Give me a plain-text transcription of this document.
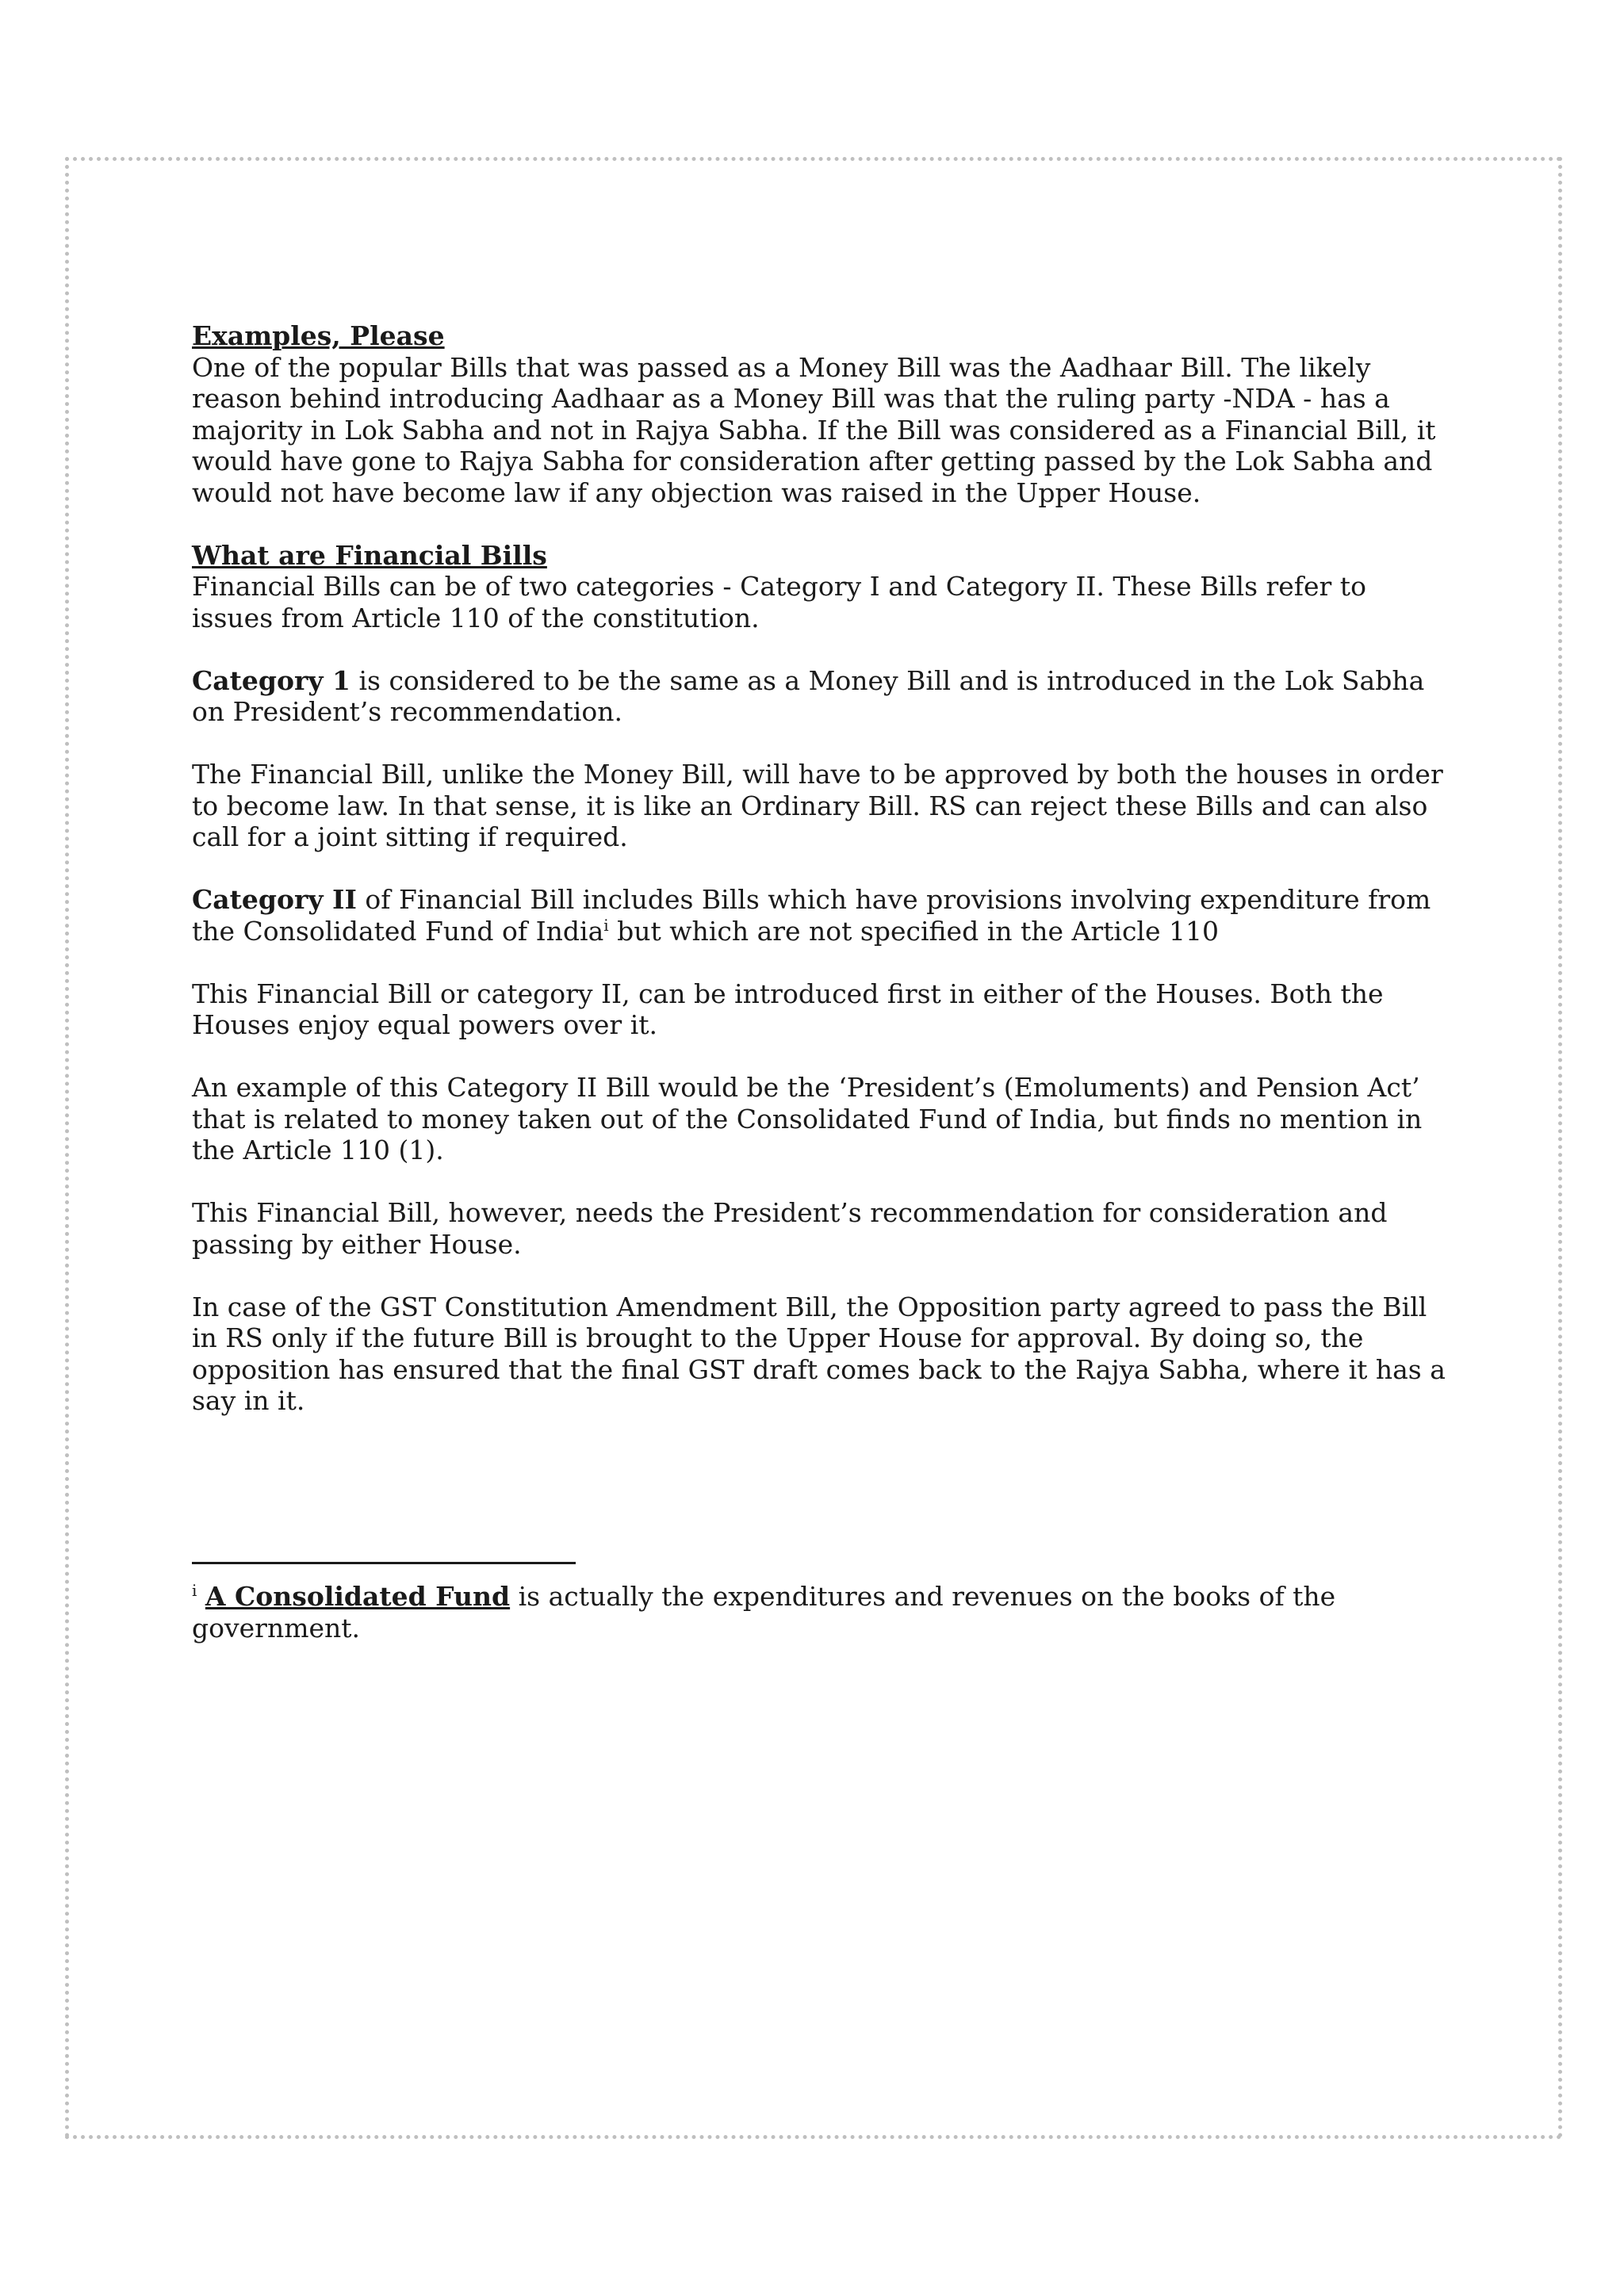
Examples, Please
One of the popular Bills that was passed as a Money Bill was the Aadhaar Bill. The likely reason behind introducing Aadhaar as a Money Bill was that the ruling party -NDA - has a majority in Lok Sabha and not in Rajya Sabha. If the Bill was considered as a Financial Bill, it would have gone to Rajya Sabha for consideration after getting passed by the Lok Sabha and would not have become law if any objection was raised in the Upper House.

What are Financial Bills
Financial Bills can be of two categories - Category I and Category II. These Bills refer to issues from Article 110 of the constitution.

Category 1 is considered to be the same as a Money Bill and is introduced in the Lok Sabha on President’s recommendation.

The Financial Bill, unlike the Money Bill, will have to be approved by both the houses in order to become law. In that sense, it is like an Ordinary Bill. RS can reject these Bills and can also call for a joint sitting if required.

Category II of Financial Bill includes Bills which have provisions involving expenditure from the Consolidated Fund of India$^i$ but which are not specified in the Article 110

This Financial Bill or category II, can be introduced first in either of the Houses. Both the Houses enjoy equal powers over it.

An example of this Category II Bill would be the ‘President’s (Emoluments) and Pension Act’ that is related to money taken out of the Consolidated Fund of India, but finds no mention in the Article 110 (1).

This Financial Bill, however, needs the President’s recommendation for consideration and passing by either House.

In case of the GST Constitution Amendment Bill, the Opposition party agreed to pass the Bill in RS only if the future Bill is brought to the Upper House for approval. By doing so, the opposition has ensured that the final GST draft comes back to the Rajya Sabha, where it has a say in it.

$^i$ A Consolidated Fund is actually the expenditures and revenues on the books of the government.
